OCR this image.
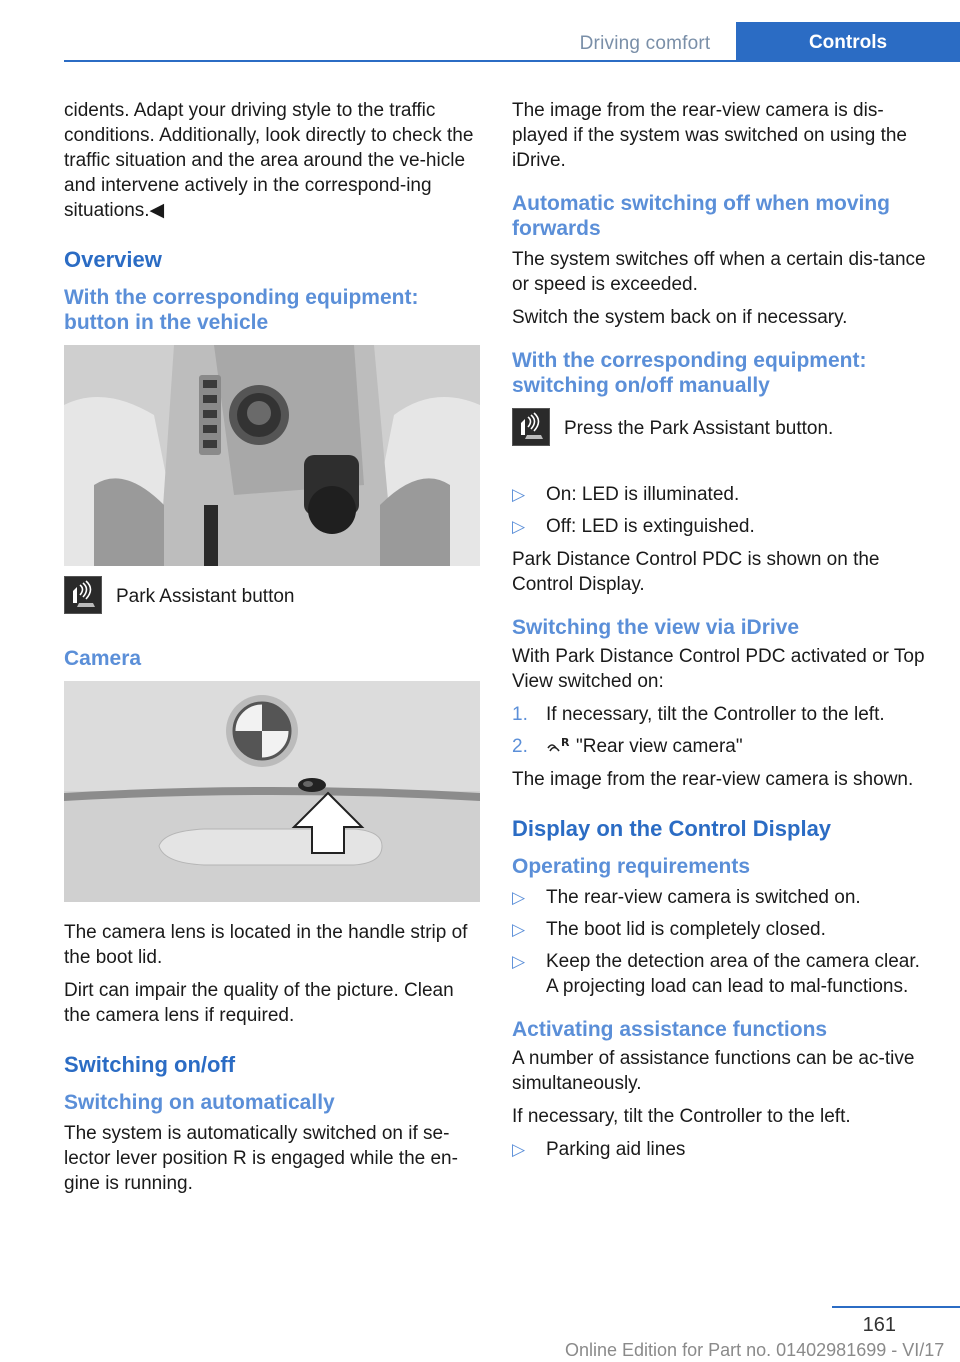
Driving comfort	Controls

cidents. Adapt your driving style to the traffic conditions. Additionally, look directly to check the traffic situation and the area around the ve‐hicle and intervene actively in the correspond‐ing situations.◀

Overview
With the corresponding equipment: button in the vehicle
Park Assistant button
Camera

The camera lens is located in the handle strip of the boot lid.

Dirt can impair the quality of the picture. Clean the camera lens if required.

Switching on/off
Switching on automatically

The system is automatically switched on if se‐lector lever position R is engaged while the en‐gine is running.

The image from the rear-view camera is dis‐played if the system was switched on using the iDrive.

Automatic switching off when moving forwards

The system switches off when a certain dis‐tance or speed is exceeded.

Switch the system back on if necessary.

With the corresponding equipment: switching on/off manually
Press the Park Assistant button.
▷ On: LED is illuminated.
▷ Off: LED is extinguished.

Park Distance Control PDC is shown on the Control Display.

Switching the view via iDrive

With Park Distance Control PDC activated or Top View switched on:

1. If necessary, tilt the Controller to the left.
2.	R "Rear view camera"

The image from the rear-view camera is shown.

Display on the Control Display
Operating requirements
▷ The rear-view camera is switched on.
▷ The boot lid is completely closed.
▷ Keep the detection area of the camera clear. A projecting load can lead to mal‐functions.
Activating assistance functions

A number of assistance functions can be ac‐tive simultaneously.

If necessary, tilt the Controller to the left.

▷ Parking aid lines
161
Online Edition for Part no. 01402981699 - VI/17
